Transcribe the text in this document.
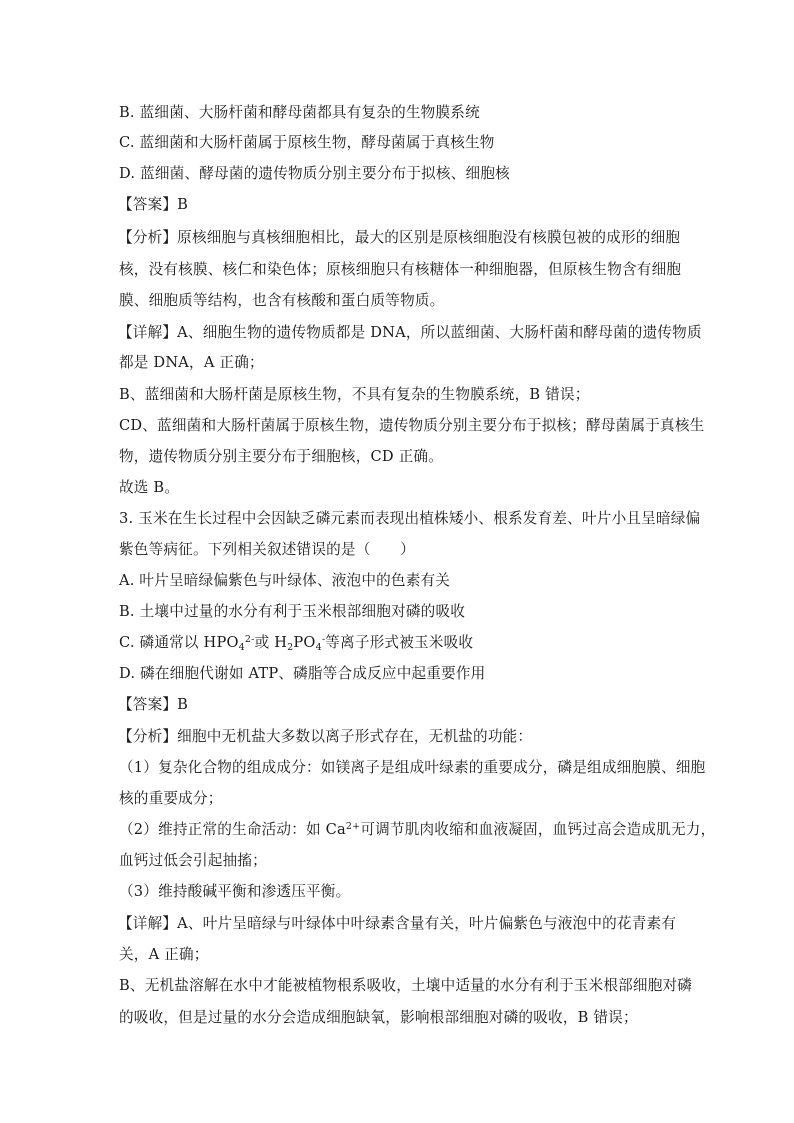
B. 蓝细菌、大肠杆菌和酵母菌都具有复杂的生物膜系统
C. 蓝细菌和大肠杆菌属于原核生物，酵母菌属于真核生物
D. 蓝细菌、酵母菌的遗传物质分别主要分布于拟核、细胞核
【答案】B
【分析】原核细胞与真核细胞相比，最大的区别是原核细胞没有核膜包被的成形的细胞
核，没有核膜、核仁和染色体；原核细胞只有核糖体一种细胞器，但原核生物含有细胞
膜、细胞质等结构，也含有核酸和蛋白质等物质。
【详解】A、细胞生物的遗传物质都是 DNA，所以蓝细菌、大肠杆菌和酵母菌的遗传物质
都是 DNA，A 正确；
B、蓝细菌和大肠杆菌是原核生物，不具有复杂的生物膜系统，B 错误；
CD、蓝细菌和大肠杆菌属于原核生物，遗传物质分别主要分布于拟核；酵母菌属于真核生
物，遗传物质分别主要分布于细胞核，CD 正确。
故选 B。
3. 玉米在生长过程中会因缺乏磷元素而表现出植株矮小、根系发育差、叶片小且呈暗绿偏
紫色等病征。下列相关叙述错误的是（　　）
A. 叶片呈暗绿偏紫色与叶绿体、液泡中的色素有关
B. 土壤中过量的水分有利于玉米根部细胞对磷的吸收
C. 磷通常以 $HPO_4^{2-}$或 $H_2PO_4^-$等离子形式被玉米吸收
D. 磷在细胞代谢如 ATP、磷脂等合成反应中起重要作用
【答案】B
【分析】细胞中无机盐大多数以离子形式存在，无机盐的功能：
（1）复杂化合物的组成成分：如镁离子是组成叶绿素的重要成分，磷是组成细胞膜、细胞
核的重要成分；
（2）维持正常的生命活动：如 $Ca^{2+}$可调节肌肉收缩和血液凝固，血钙过高会造成肌无力，
血钙过低会引起抽搐；
（3）维持酸碱平衡和渗透压平衡。
【详解】A、叶片呈暗绿与叶绿体中叶绿素含量有关，叶片偏紫色与液泡中的花青素有
关，A 正确；
B、无机盐溶解在水中才能被植物根系吸收，土壤中适量的水分有利于玉米根部细胞对磷
的吸收，但是过量的水分会造成细胞缺氧，影响根部细胞对磷的吸收，B 错误；
